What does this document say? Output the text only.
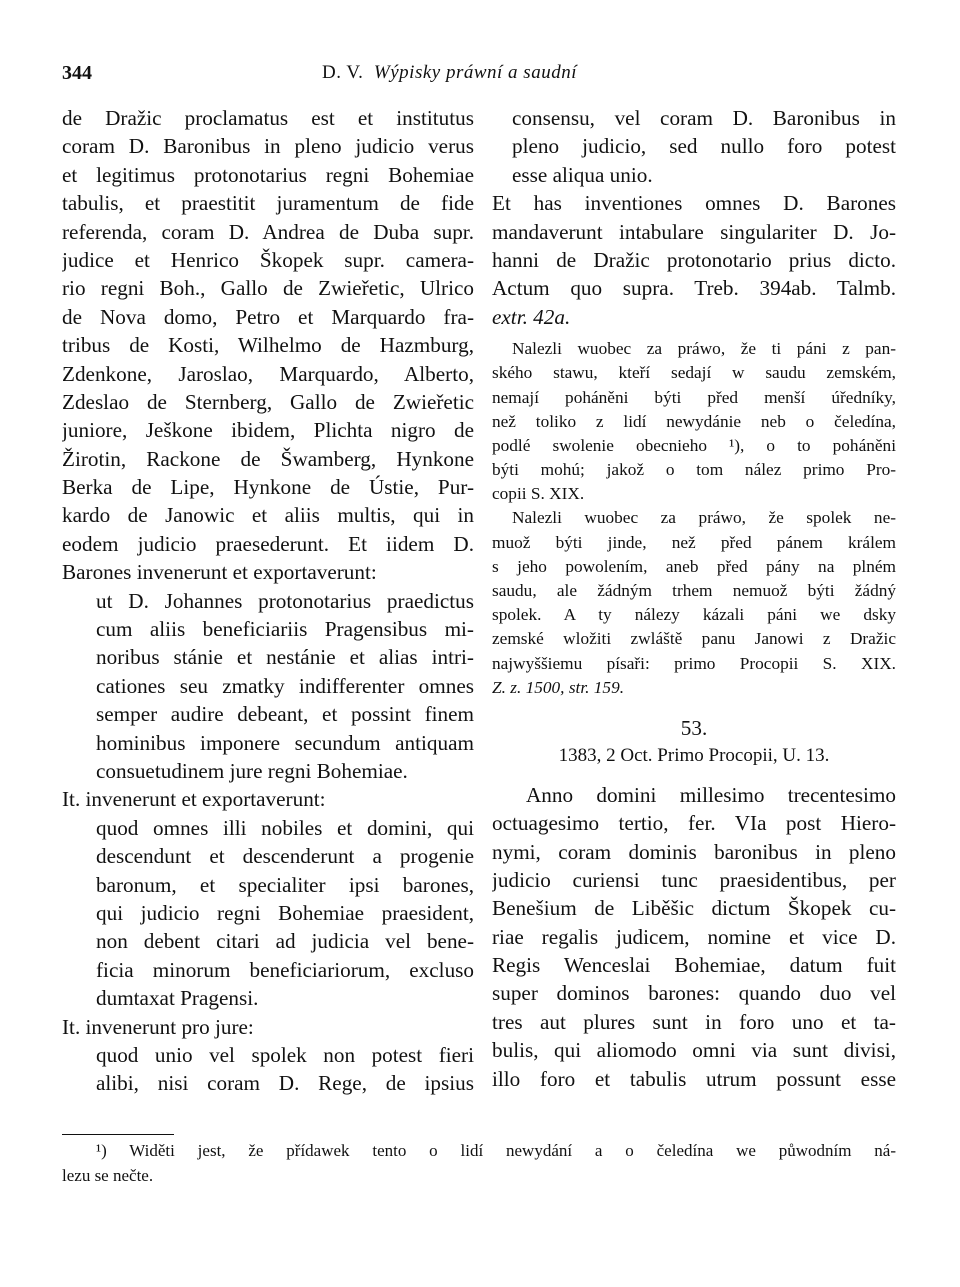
344	D. V. Wýpisky práwní a saudní
de Dražic proclamatus est et institutus
coram D. Baronibus in pleno judicio verus
et legitimus protonotarius regni Bohemiae
tabulis, et praestitit juramentum de fide
referenda, coram D. Andrea de Duba supr.
judice et Henrico Škopek supr. camera-
rio regni Boh., Gallo de Zwieřetic, Ulrico
de Nova domo, Petro et Marquardo fra-
tribus de Kosti, Wilhelmo de Hazmburg,
Zdenkone, Jaroslao, Marquardo, Alberto,
Zdeslao de Sternberg, Gallo de Zwieřetic
juniore, Ješkone ibidem, Plichta nigro de
Žirotin, Rackone de Šwamberg, Hynkone
Berka de Lipe, Hynkone de Ústie, Pur-
kardo de Janowic et aliis multis, qui in
eodem judicio praesederunt. Et iidem D.
Barones invenerunt et exportaverunt:
ut D. Johannes protonotarius praedictus
cum aliis beneficiariis Pragensibus mi-
noribus stánie et nestánie et alias intri-
cationes seu zmatky indifferenter omnes
semper audire debeant, et possint finem
hominibus imponere secundum antiquam
consuetudinem jure regni Bohemiae.
It. invenerunt et exportaverunt:
quod omnes illi nobiles et domini, qui
descendunt et descenderunt a progenie
baronum, et specialiter ipsi barones,
qui judicio regni Bohemiae praesident,
non debent citari ad judicia vel bene-
ficia minorum beneficiariorum, excluso
dumtaxat Pragensi.
It. invenerunt pro jure:
quod unio vel spolek non potest fieri
alibi, nisi coram D. Rege, de ipsius
consensu, vel coram D. Baronibus in
pleno judicio, sed nullo foro potest
esse aliqua unio.
Et has inventiones omnes D. Barones
mandaverunt intabulare singulariter D. Jo-
hanni de Dražic protonotario prius dicto.
Actum quo supra. Treb. 394ab. Talmb.
extr. 42a.
Nalezli wuobec za práwo, že ti páni z pan-
ského stawu, kteří sedají w saudu zemském,
nemají poháněni býti před menší úředníky,
než toliko z lidí newydánie neb o čeledína,
podlé swolenie obecnieho ¹), o to poháněni
býti mohú; jakož o tom nález primo Pro-
copii S. XIX.
Nalezli wuobec za práwo, že spolek ne-
muož býti jinde, než před pánem králem
s jeho powolením, aneb před pány na plném
saudu, ale žádným trhem nemuož býti žádný
spolek. A ty nálezy kázali páni we dsky
zemské wložiti zwláště panu Janowi z Dražic
najwyššiemu písaři: primo Procopii S. XIX.
Z. z. 1500, str. 159.
53.
1383, 2 Oct. Primo Procopii, U. 13.
Anno domini millesimo trecentesimo
octuagesimo tertio, fer. VIa post Hiero-
nymi, coram dominis baronibus in pleno
judicio curiensi tunc praesidentibus, per
Benešium de Liběšic dictum Škopek cu-
riae regalis judicem, nomine et vice D.
Regis Wenceslai Bohemiae, datum fuit
super dominos barones: quando duo vel
tres aut plures sunt in foro uno et ta-
bulis, qui aliomodo omni via sunt divisi,
illo foro et tabulis utrum possunt esse
¹) Widěti jest, že přídawek tento o lidí newydání a o čeledína we půwodním ná-
lezu se nečte.
